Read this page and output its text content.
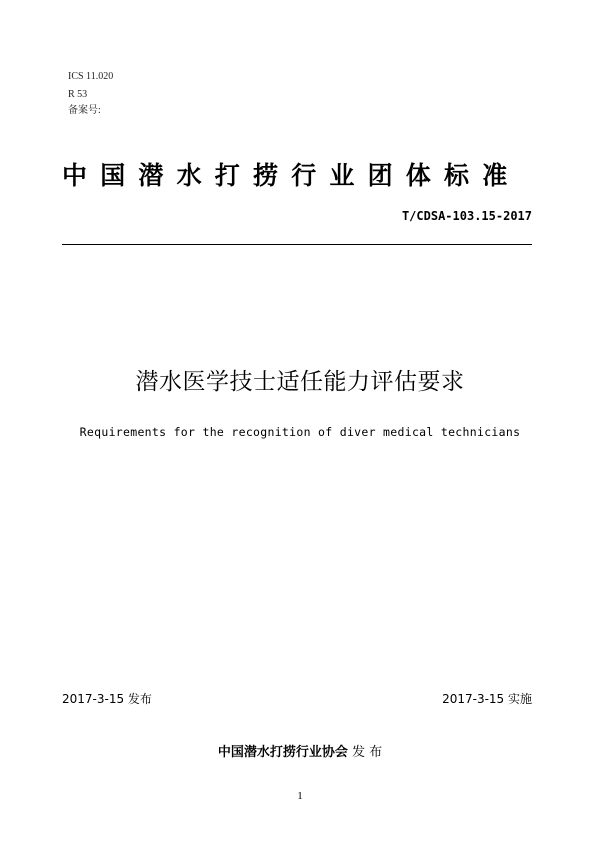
ICS 11.020
R 53
备案号:
中国潜水打捞行业团体标准
T/CDSA-103.15-2017
潜水医学技士适任能力评估要求
Requirements for the recognition of diver medical technicians
2017-3-15 发布	2017-3-15 实施
中国潜水打捞行业协会 发 布
1
